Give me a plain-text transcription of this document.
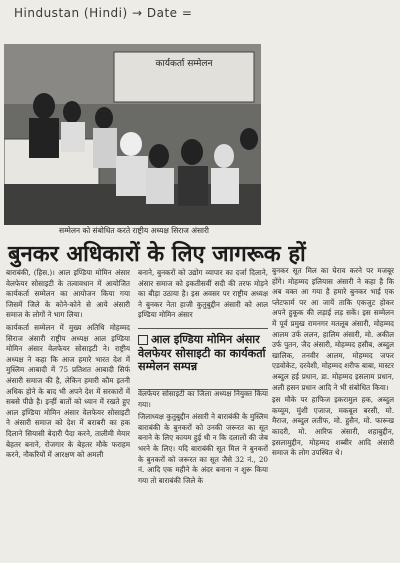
Hindustan (Hindi) → Date =
कार्यकर्ता सम्मेलन
सम्मेलन को संबोधित करते राष्ट्रीय अध्यक्ष सिराज अंसारी
बुनकर अधिकारों के लिए जागरूक हों

बाराबंकी, (हिस.)। आल इण्डिया मोमिन अंसार वेलफेयर सोसाइटी के तत्वावधान में आयोजित कार्यकर्ता सम्मेलन का आयोजन किया गया जिसमें जिले के कोने-कोने से आये अंसारी समाज के लोगों ने भाग लिया।

कार्यकर्ता सम्मेलन में मुख्य अतिथि मोहम्मद सिराज अंसारी राष्ट्रीय अध्यक्ष आल इण्डिया मोमिन अंसार वेलफेयर सोसाइटी ने। राष्ट्रीय अध्यक्ष ने कहा कि आज हमारे भारत देश में मुस्लिम आबादी में 75 प्रतिशत आबादी सिर्फ अंसारी समाज की है, लेकिन हमारी कौम इतनी अधिक होने के बाद भी अपने देश में सरकारों में सबसे पीछे है। इन्हीं बातों को ध्यान में रखते हुए आल इण्डिया मोमिन अंसार वेलफेयर सोसाइटी ने अंसारी समाज को देश में बराबरी का हक दिलाने सियासी बेदारी पैदा करने, तालीमी मेयार बेहतर बनाने, रोजगार के बेहतर मौके फराहम करने, नौकरियों में आरक्षण को अमली

बनाने, बुनकरों को उद्योग व्यापार का दर्जा दिलाने, अंसार समाज को इकतीसवीं सदी की तरफ मोड़ने का बीड़ा उठाया है। इस अवसर पर राष्ट्रीय अध्यक्ष ने बुनकर नेता हाजी कुतुबुद्दीन अंसारी को आल इण्डिया मोमिन अंसार

वेलफेयर सोसाइटी का जिला अध्यक्ष नियुक्त किया गया।

जिलाध्यक्ष कुतुबुद्दीन अंसारी ने बाराबंकी के मुस्लिम बाराबंकी के बुनकरों को उनकी जरूरत का सूत बनाने के लिए कायम हुई थी न कि दलालों की जेब भरने के लिए। यदि बाराबंकी सूत मिल ने बुनकरों के बुनकरों को जरूरत का सूत जैसे 32 नं., 20 नं. आदि एक महीने के अंदर बनाना न शुरू किया गया तो बाराबंकी जिले के

आल इण्डिया मोमिन अंसार वेलफेयर सोसाइटी का कार्यकर्ता सम्मेलन सम्पन्न

बुनकर सूत मिल का घेराव करने पर मजबूर होंगे। मोहम्मद इलियास अंसारी ने कहा है कि अब वक्त आ गया है हमारे बुनकर भाई एक प्लेटफार्म पर आ जायें ताकि एकजुट होकर अपने हुकूक की लड़ाई लड़ सकें। इस सम्मेलन में पूर्व प्रमुख रामनगर मतलूब अंसारी, मोहम्मद आलम उर्फ ललन, हालिम अंसारी, मो. अकील उर्फ पुतन, जैद अंसारी, मोहम्मद हसीब, अब्दुल खालिक, तनवीर आलम, मोहम्मद जफर एडवोकेट, दरवेशी, मोहम्मद शरीफ बाबा, मास्टर अब्दुल हई प्रधान, डा. मोहम्मद इसलाम प्रधान, अली हसन प्रधान आदि ने भी संबोधित किया।

इस मौके पर हाफिज इकरामुल हक, अब्दुल कय्यूम, मुंशी एजाज, मकबूल बरसी, मो. मैराज, अब्दुल लतीफ, मो. हुसैन, मो. फारूख कादरी, मो. आरिफ अंसारी, शहाबुद्दीन, इसलामुद्दीन, मोहम्मद शब्बीर आदि अंसारी समाज के लोग उपस्थित थे।
